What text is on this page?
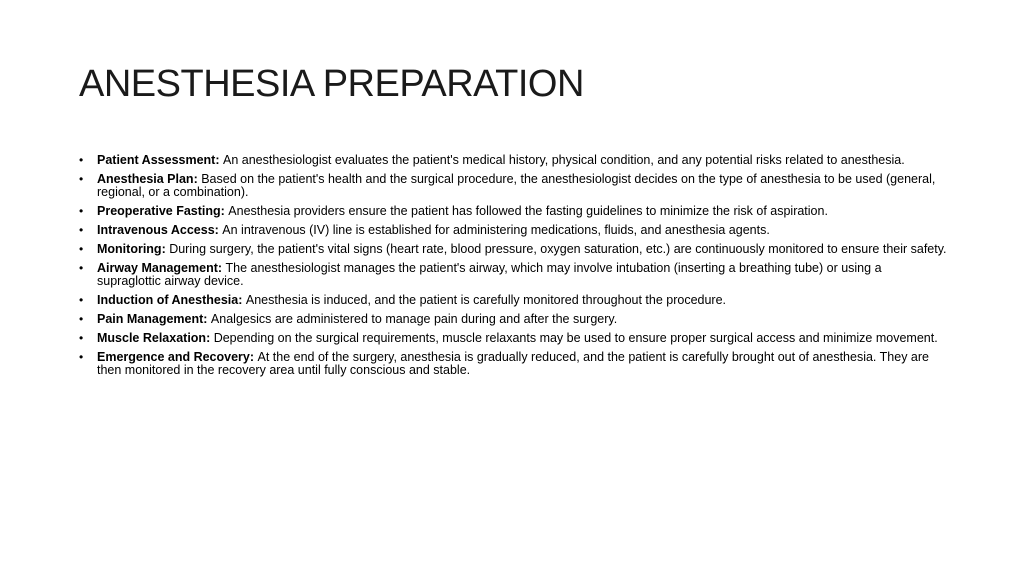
ANESTHESIA PREPARATION
• Patient Assessment: An anesthesiologist evaluates the patient's medical history, physical condition, and any potential risks related to anesthesia.
• Anesthesia Plan: Based on the patient's health and the surgical procedure, the anesthesiologist decides on the type of anesthesia to be used (general, regional, or a combination).
• Preoperative Fasting: Anesthesia providers ensure the patient has followed the fasting guidelines to minimize the risk of aspiration.
• Intravenous Access: An intravenous (IV) line is established for administering medications, fluids, and anesthesia agents.
• Monitoring: During surgery, the patient's vital signs (heart rate, blood pressure, oxygen saturation, etc.) are continuously monitored to ensure their safety.
• Airway Management: The anesthesiologist manages the patient's airway, which may involve intubation (inserting a breathing tube) or using a supraglottic airway device.
• Induction of Anesthesia: Anesthesia is induced, and the patient is carefully monitored throughout the procedure.
• Pain Management: Analgesics are administered to manage pain during and after the surgery.
• Muscle Relaxation: Depending on the surgical requirements, muscle relaxants may be used to ensure proper surgical access and minimize movement.
• Emergence and Recovery: At the end of the surgery, anesthesia is gradually reduced, and the patient is carefully brought out of anesthesia. They are then monitored in the recovery area until fully conscious and stable.
